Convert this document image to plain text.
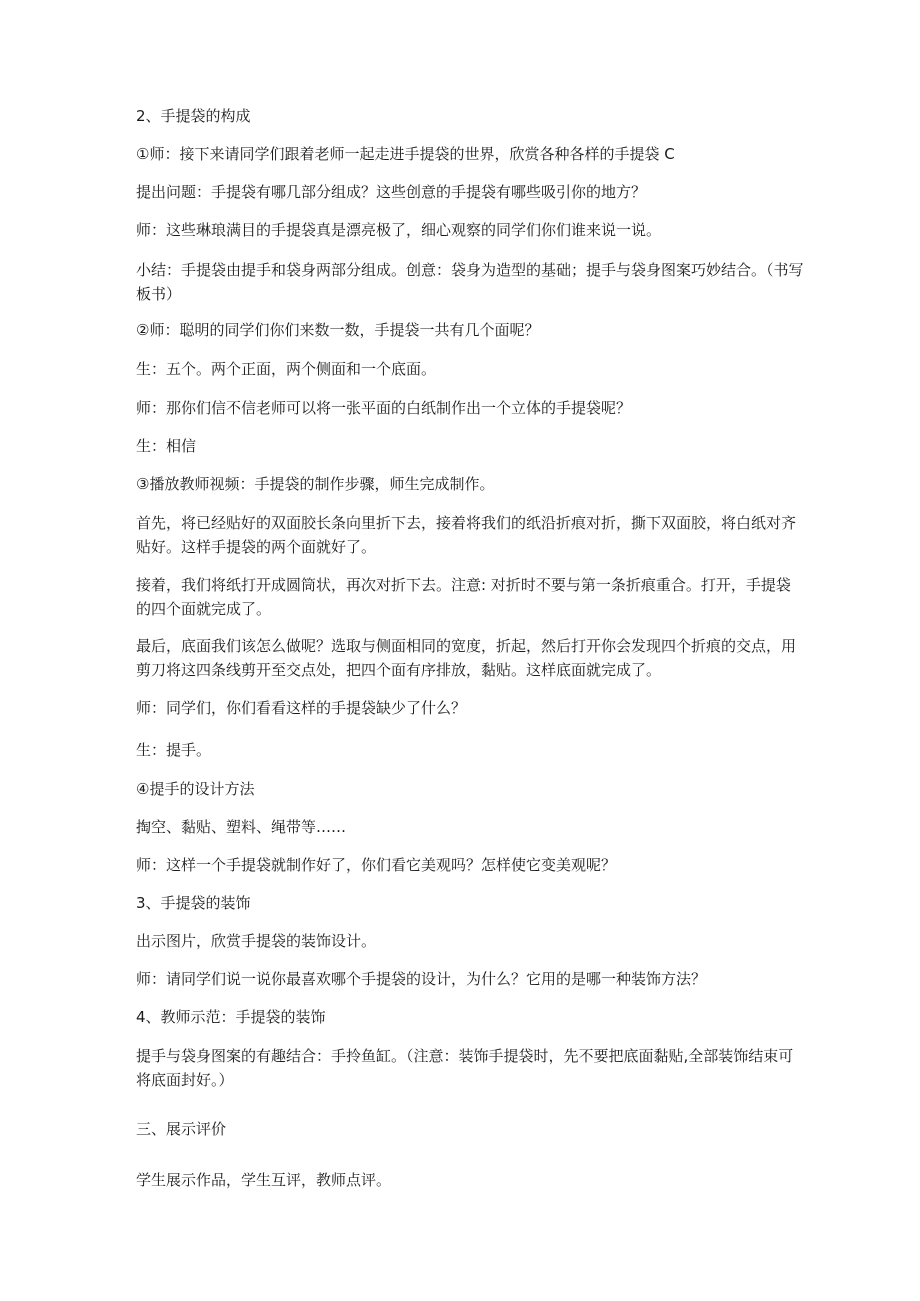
2、手提袋的构成

①师：接下来请同学们跟着老师一起走进手提袋的世界，欣赏各种各样的手提袋 C

提出问题：手提袋有哪几部分组成？这些创意的手提袋有哪些吸引你的地方？

师：这些琳琅满目的手提袋真是漂亮极了，细心观察的同学们你们谁来说一说。

小结：手提袋由提手和袋身两部分组成。创意：袋身为造型的基础；提手与袋身图案巧妙结合。（书写板书）

②师：聪明的同学们你们来数一数，手提袋一共有几个面呢？

生：五个。两个正面，两个侧面和一个底面。

师：那你们信不信老师可以将一张平面的白纸制作出一个立体的手提袋呢？

生：相信

③播放教师视频：手提袋的制作步骤，师生完成制作。

首先，将已经贴好的双面胶长条向里折下去，接着将我们的纸沿折痕对折，撕下双面胶，将白纸对齐贴好。这样手提袋的两个面就好了。

接着，我们将纸打开成圆筒状，再次对折下去。注意: 对折时不要与第一条折痕重合。打开，手提袋的四个面就完成了。

最后，底面我们该怎么做呢？选取与侧面相同的宽度，折起，然后打开你会发现四个折痕的交点，用剪刀将这四条线剪开至交点处，把四个面有序排放，黏贴。这样底面就完成了。

师：同学们，你们看看这样的手提袋缺少了什么？

生：提手。

④提手的设计方法

掏空、黏贴、塑料、绳带等……

师：这样一个手提袋就制作好了，你们看它美观吗？怎样使它变美观呢？

3、手提袋的装饰

出示图片，欣赏手提袋的装饰设计。

师：请同学们说一说你最喜欢哪个手提袋的设计，为什么？它用的是哪一种装饰方法？

4、教师示范：手提袋的装饰

提手与袋身图案的有趣结合：手拎鱼缸。（注意：装饰手提袋时，先不要把底面黏贴,全部装饰结束可将底面封好。）

三、展示评价

学生展示作品，学生互评，教师点评。
